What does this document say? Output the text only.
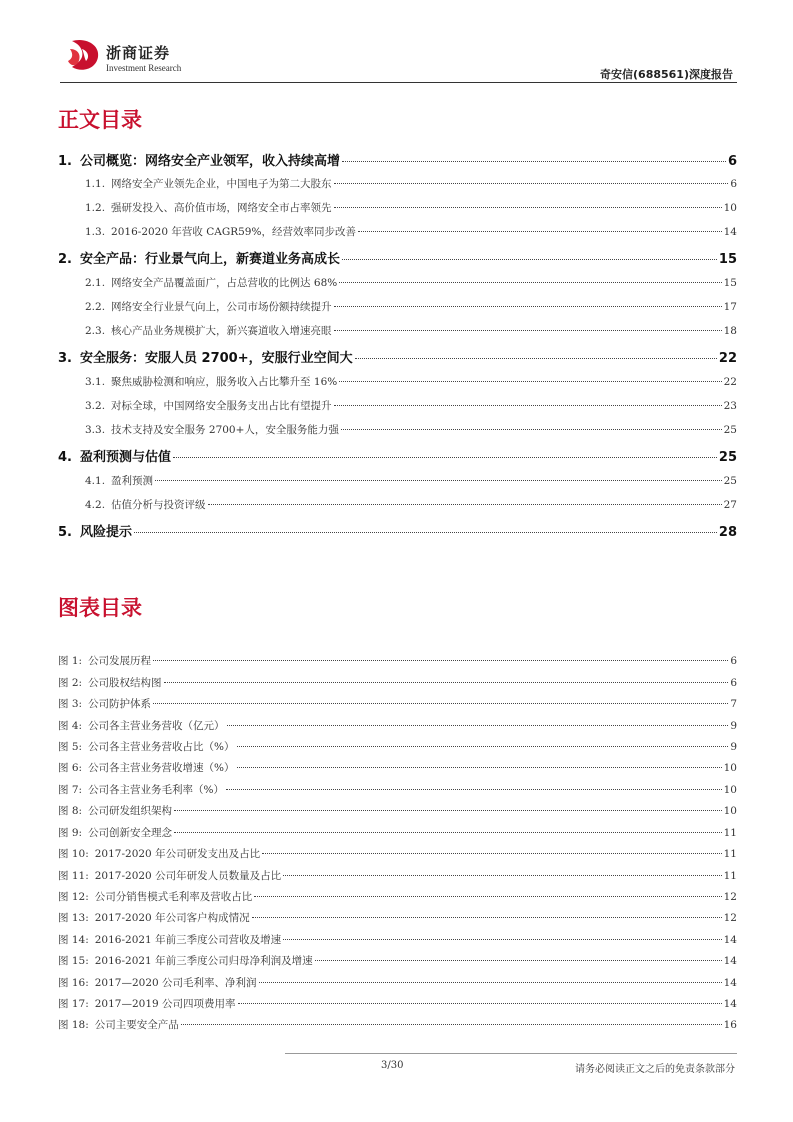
浙商证券
Investment Research	奇安信(688561)深度报告
正文目录
1. 公司概览：网络安全产业领军，收入持续高增	6
1.1. 网络安全产业领先企业，中国电子为第二大股东	6
1.2. 强研发投入、高价值市场，网络安全市占率领先	10
1.3. 2016-2020 年营收 CAGR59%，经营效率同步改善	14
2. 安全产品：行业景气向上，新赛道业务高成长	15
2.1. 网络安全产品覆盖面广，占总营收的比例达 68%	15
2.2. 网络安全行业景气向上，公司市场份额持续提升	17
2.3. 核心产品业务规模扩大，新兴赛道收入增速亮眼	18
3. 安全服务：安服人员 2700+，安服行业空间大	22
3.1. 聚焦威胁检测和响应，服务收入占比攀升至 16%	22
3.2. 对标全球，中国网络安全服务支出占比有望提升	23
3.3. 技术支持及安全服务 2700+人，安全服务能力强	25
4. 盈利预测与估值	25
4.1. 盈利预测	25
4.2. 估值分析与投资评级	27
5. 风险提示	28
图表目录
图 1: 公司发展历程	6
图 2: 公司股权结构图	6
图 3: 公司防护体系	7
图 4: 公司各主营业务营收（亿元）	9
图 5: 公司各主营业务营收占比（%）	9
图 6: 公司各主营业务营收增速（%）	10
图 7: 公司各主营业务毛利率（%）	10
图 8: 公司研发组织架构	10
图 9: 公司创新安全理念	11
图 10: 2017-2020 年公司研发支出及占比	11
图 11: 2017-2020 公司年研发人员数量及占比	11
图 12: 公司分销售模式毛利率及营收占比	12
图 13: 2017-2020 年公司客户构成情况	12
图 14: 2016-2021 年前三季度公司营收及增速	14
图 15: 2016-2021 年前三季度公司归母净利润及增速	14
图 16: 2017—2020 公司毛利率、净利润	14
图 17: 2017—2019 公司四项费用率	14
图 18: 公司主要安全产品	16
3/30	请务必阅读正文之后的免责条款部分
